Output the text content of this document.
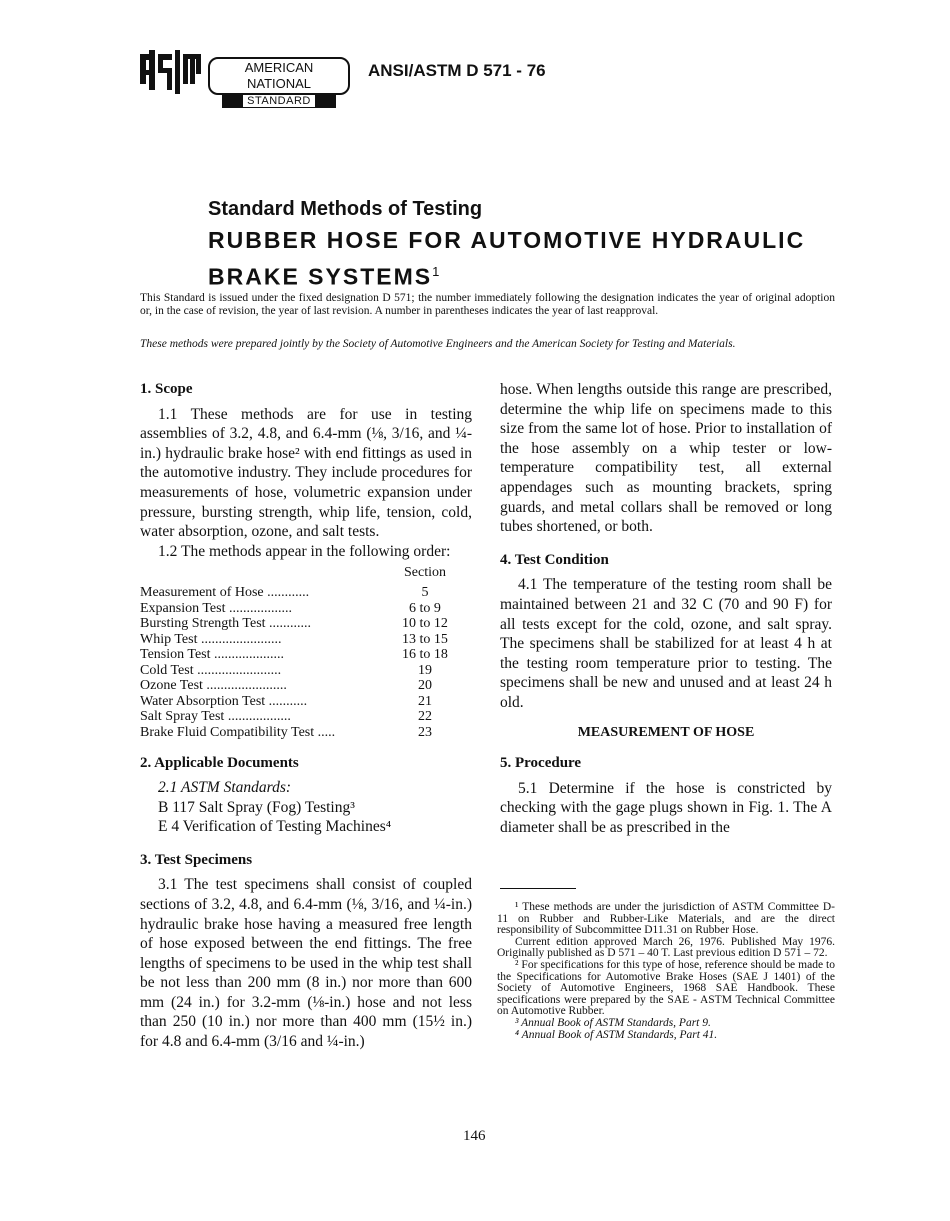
AMERICAN NATIONAL
STANDARD
ANSI/ASTM D 571 - 76
Standard Methods of Testing
RUBBER HOSE FOR AUTOMOTIVE HYDRAULIC
BRAKE SYSTEMS$^1$
This Standard is issued under the fixed designation D 571; the number immediately following the designation indicates the year of original adoption or, in the case of revision, the year of last revision. A number in parentheses indicates the year of last reapproval.
These methods were prepared jointly by the Society of Automotive Engineers and the American Society for Testing and Materials.
1. Scope

1.1 These methods are for use in testing assemblies of 3.2, 4.8, and 6.4-mm (⅛, 3/16, and ¼-in.) hydraulic brake hose² with end fittings as used in the automotive industry. They include procedures for measurements of hose, volumetric expansion under pressure, bursting strength, whip life, tension, cold, water absorption, ozone, and salt tests.

1.2 The methods appear in the following order:

Section
Measurement of Hose ............	5
Expansion Test ..................	6 to 9
Bursting Strength Test ............	10 to 12
Whip Test .......................	13 to 15
Tension Test ....................	16 to 18
Cold Test ........................	19
Ozone Test .......................	20
Water Absorption Test ...........	21
Salt Spray Test ..................	22
Brake Fluid Compatibility Test .....	23
2. Applicable Documents

2.1 ASTM Standards:

B 117 Salt Spray (Fog) Testing³

E 4 Verification of Testing Machines⁴

3. Test Specimens

3.1 The test specimens shall consist of coupled sections of 3.2, 4.8, and 6.4-mm (⅛, 3/16, and ¼-in.) hydraulic brake hose having a measured free length of hose exposed between the end fittings. The free lengths of specimens to be used in the whip test shall be not less than 200 mm (8 in.) nor more than 600 mm (24 in.) for 3.2-mm (⅛-in.) hose and not less than 250 (10 in.) nor more than 400 mm (15½ in.) for 4.8 and 6.4-mm (3/16 and ¼-in.)

hose. When lengths outside this range are prescribed, determine the whip life on specimens made to this size from the same lot of hose. Prior to installation of the hose assembly on a whip tester or low-temperature compatibility test, all external appendages such as mounting brackets, spring guards, and metal collars shall be removed or long tubes shortened, or both.

4. Test Condition

4.1 The temperature of the testing room shall be maintained between 21 and 32 C (70 and 90 F) for all tests except for the cold, ozone, and salt spray. The specimens shall be stabilized for at least 4 h at the testing room temperature prior to testing. The specimens shall be new and unused and at least 24 h old.

MEASUREMENT OF HOSE
5. Procedure

5.1 Determine if the hose is constricted by checking with the gage plugs shown in Fig. 1. The A diameter shall be as prescribed in the

¹ These methods are under the jurisdiction of ASTM Committee D-11 on Rubber and Rubber-Like Materials, and are the direct responsibility of Subcommittee D11.31 on Rubber Hose.

Current edition approved March 26, 1976. Published May 1976. Originally published as D 571 – 40 T. Last previous edition D 571 – 72.

² For specifications for this type of hose, reference should be made to the Specifications for Automotive Brake Hoses (SAE J 1401) of the Society of Automotive Engineers, 1968 SAE Handbook. These specifications were prepared by the SAE - ASTM Technical Committee on Automotive Rubber.

³ Annual Book of ASTM Standards, Part 9.

⁴ Annual Book of ASTM Standards, Part 41.

146
